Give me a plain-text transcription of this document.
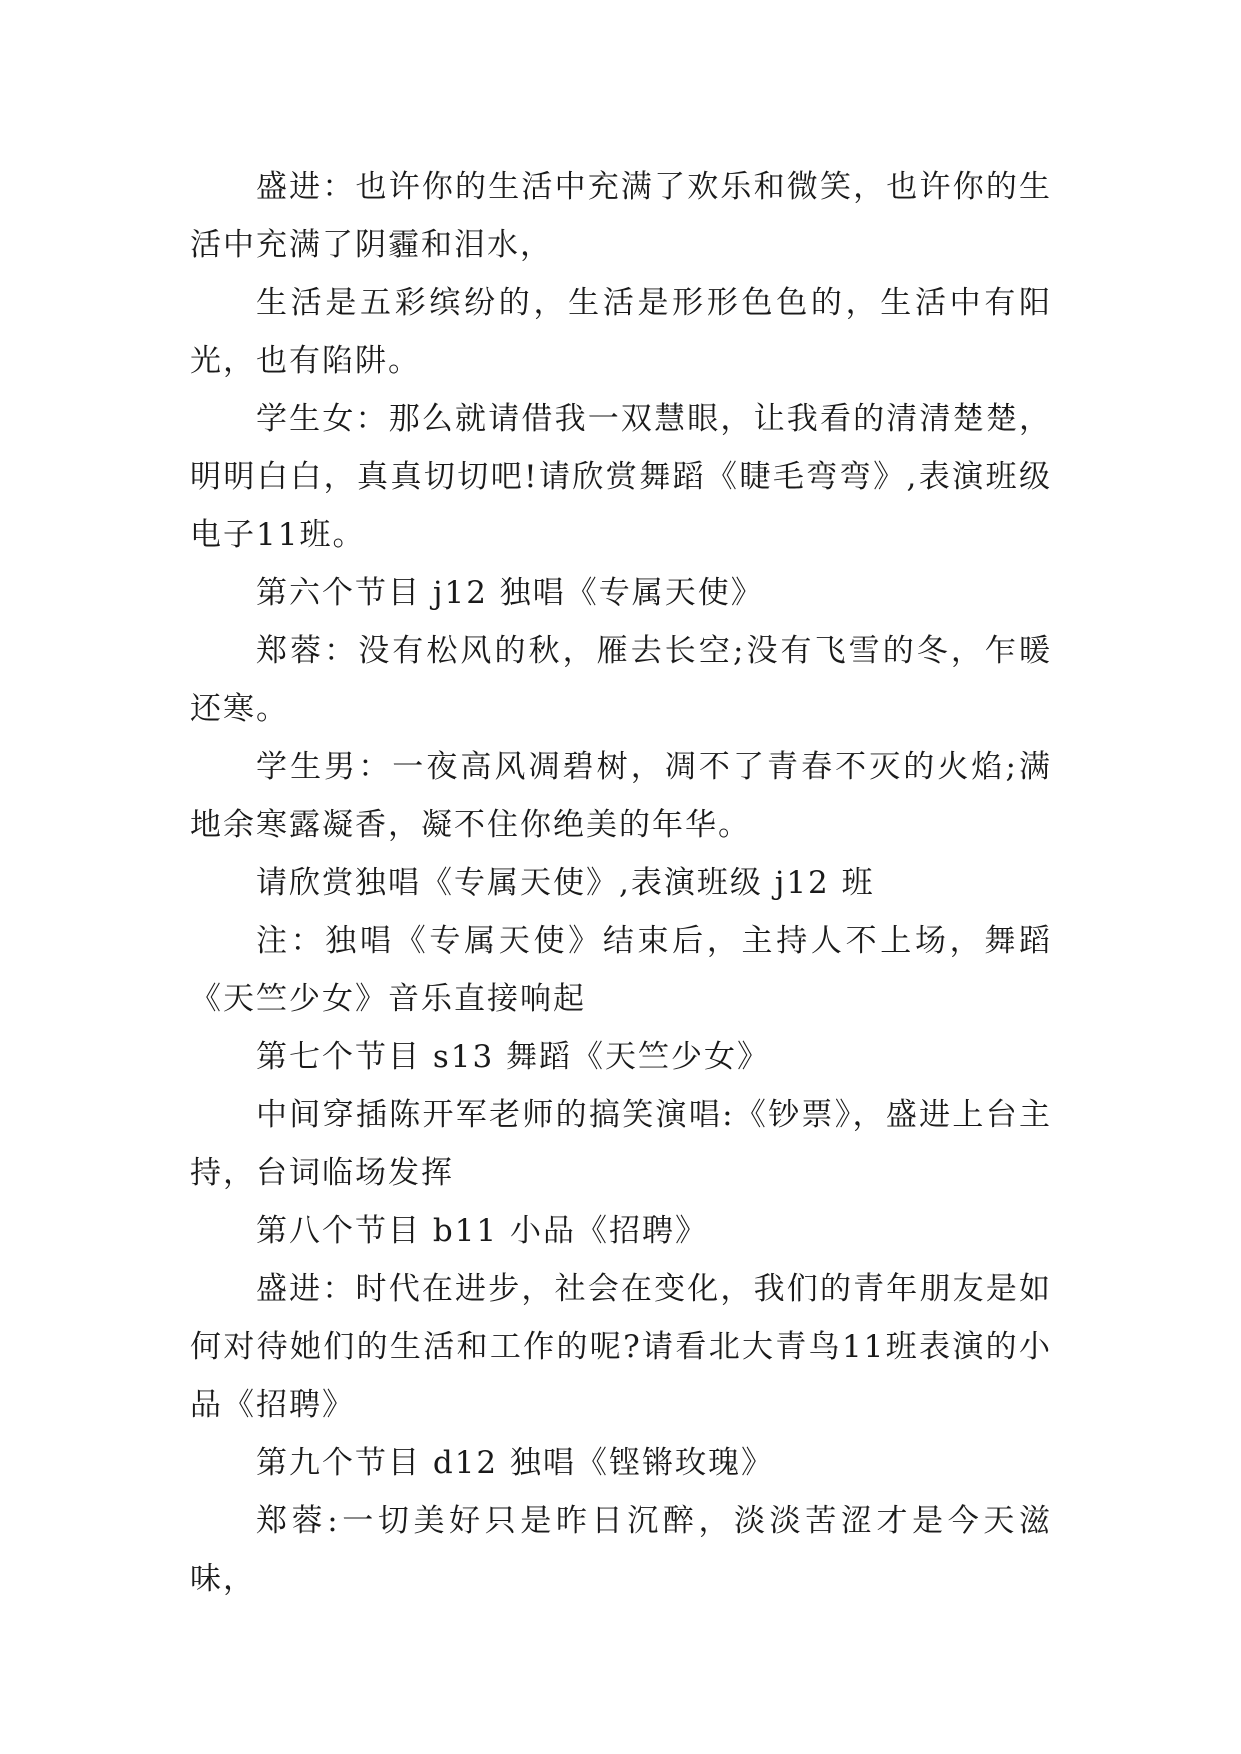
盛进：也许你的生活中充满了欢乐和微笑，也许你的生活中充满了阴霾和泪水，

生活是五彩缤纷的，生活是形形色色的，生活中有阳光，也有陷阱。

学生女：那么就请借我一双慧眼，让我看的清清楚楚，明明白白，真真切切吧!请欣赏舞蹈《睫毛弯弯》,表演班级电子11班。

第六个节目 j12 独唱《专属天使》

郑蓉：没有松风的秋，雁去长空;没有飞雪的冬，乍暖还寒。

学生男：一夜高风凋碧树，凋不了青春不灭的火焰;满地余寒露凝香，凝不住你绝美的年华。

请欣赏独唱《专属天使》,表演班级 j12 班

注：独唱《专属天使》结束后，主持人不上场，舞蹈《天竺少女》音乐直接响起

第七个节目 s13 舞蹈《天竺少女》

中间穿插陈开军老师的搞笑演唱:《钞票》，盛进上台主持，台词临场发挥

第八个节目 b11 小品《招聘》

盛进：时代在进步，社会在变化，我们的青年朋友是如何对待她们的生活和工作的呢?请看北大青鸟11班表演的小品《招聘》

第九个节目 d12 独唱《铿锵玫瑰》

郑蓉:一切美好只是昨日沉醉，淡淡苦涩才是今天滋味，
